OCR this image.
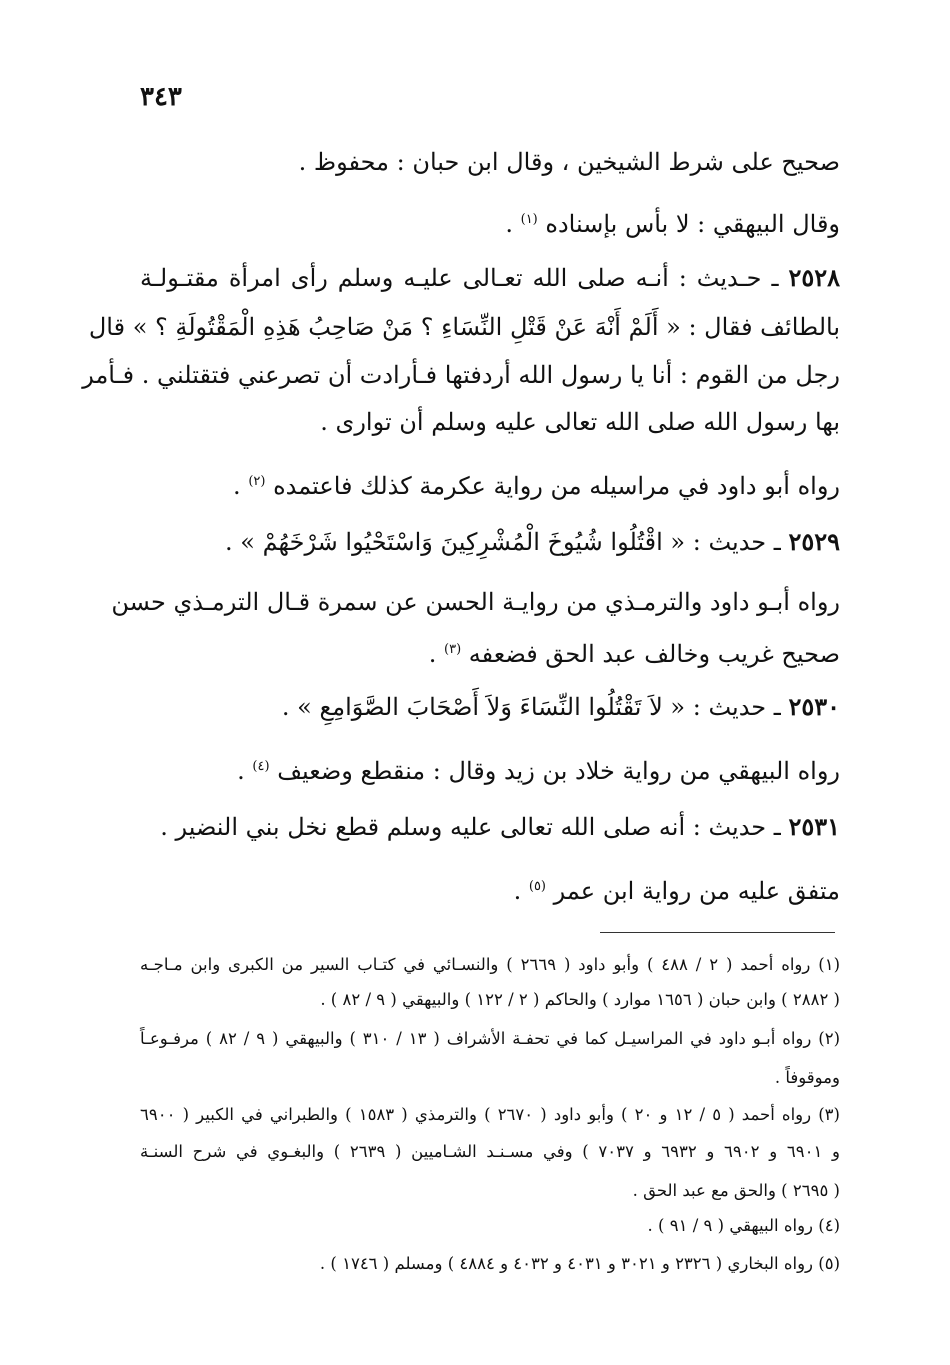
٣٤٣
صحيح على شرط الشيخين ، وقال ابن حبان : محفوظ .
وقال البيهقي : لا بأس بإسناده $^{(١)}$ .
٢٥٢٨ ـ حـديث : أنـه صلى الله تعـالى عليـه وسلم رأى امرأة مقتـولـة
بالطائف فقال : « أَلَمْ أَنْهَ عَنْ قَتْلِ النِّسَاءِ ؟ مَنْ صَاحِبُ هَذِهِ الْمَقْتُولَةِ ؟ » قال
رجل من القوم : أنا يا رسول الله أردفتها فـأرادت أن تصرعني فتقتلني . فـأمر
بها رسول الله صلى الله تعالى عليه وسلم أن توارى .
رواه أبو داود في مراسيله من رواية عكرمة كذلك فاعتمده $^{(٢)}$ .
٢٥٢٩ ـ حديث : « اقْتُلُوا شُيُوخَ الْمُشْرِكِينَ وَاسْتَحْيُوا شَرْخَهُمْ » .
رواه أبـو داود والترمـذي من روايـة الحسن عن سمرة قـال الترمـذي حسن
صحيح غريب وخالف عبد الحق فضعفه $^{(٣)}$ .
٢٥٣٠ ـ حديث : « لاَ تَقْتُلُوا النِّسَاءَ وَلاَ أَصْحَابَ الصَّوَامِعِ » .
رواه البيهقي من رواية خلاد بن زيد وقال : منقطع وضعيف $^{(٤)}$ .
٢٥٣١ ـ حديث : أنه صلى الله تعالى عليه وسلم قطع نخل بني النضير .
متفق عليه من رواية ابن عمر $^{(٥)}$ .
(١) رواه أحمد ( ٢ / ٤٨٨ ) وأبو داود ( ٢٦٦٩ ) والنسـائي في كتـاب السير من الكبرى وابن مـاجـه
( ٢٨٨٢ ) وابن حبان ( ١٦٥٦ موارد ) والحاكم ( ٢ / ١٢٢ ) والبيهقي ( ٩ / ٨٢ ) .
(٢) رواه أبـو داود في المراسيـل كما في تحفـة الأشراف ( ١٣ / ٣١٠ ) والبيهقي ( ٩ / ٨٢ ) مرفـوعـاً
وموقوفاً .
(٣) رواه أحمد ( ٥ / ١٢ و ٢٠ ) وأبو داود ( ٢٦٧٠ ) والترمذي ( ١٥٨٣ ) والطبراني في الكبير ( ٦٩٠٠
و ٦٩٠١ و ٦٩٠٢ و ٦٩٣٢ و ٧٠٣٧ ) وفي مسـنـد الشـاميين ( ٢٦٣٩ ) والبغـوي في شرح السنـة
( ٢٦٩٥ ) والحق مع عبد الحق .
(٤) رواه البيهقي ( ٩ / ٩١ ) .
(٥) رواه البخاري ( ٢٣٢٦ و ٣٠٢١ و ٤٠٣١ و ٤٠٣٢ و ٤٨٨٤ ) ومسلم ( ١٧٤٦ ) .
